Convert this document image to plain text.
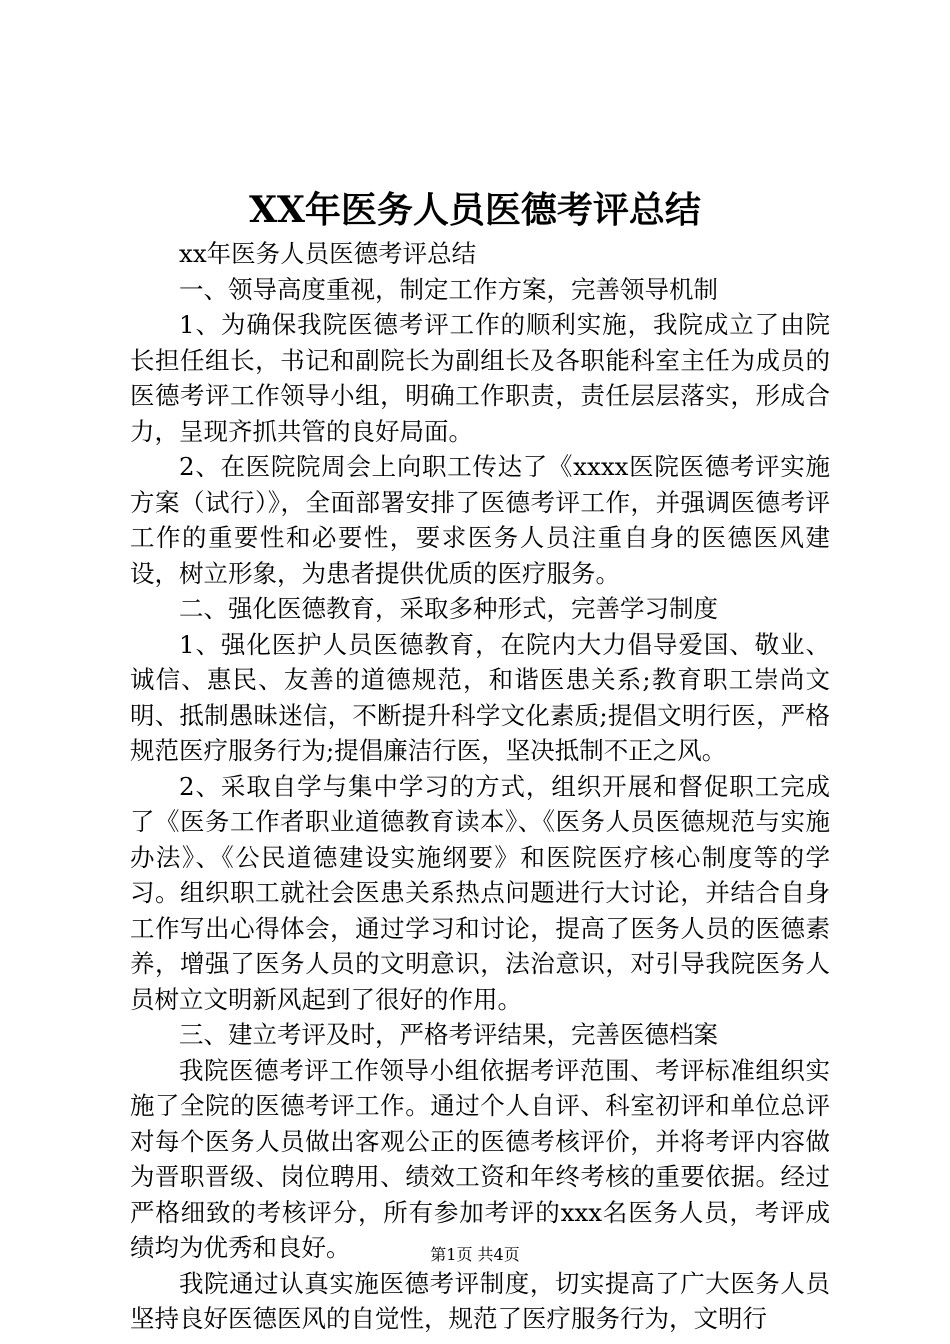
XX年医务人员医德考评总结

xx年医务人员医德考评总结

一、领导高度重视，制定工作方案，完善领导机制

1、为确保我院医德考评工作的顺利实施，我院成立了由院长担任组长，书记和副院长为副组长及各职能科室主任为成员的医德考评工作领导小组，明确工作职责，责任层层落实，形成合力，呈现齐抓共管的良好局面。

2、在医院院周会上向职工传达了《xxxx医院医德考评实施方案（试行）》，全面部署安排了医德考评工作，并强调医德考评工作的重要性和必要性，要求医务人员注重自身的医德医风建设，树立形象，为患者提供优质的医疗服务。

二、强化医德教育，采取多种形式，完善学习制度

1、强化医护人员医德教育，在院内大力倡导爱国、敬业、诚信、惠民、友善的道德规范，和谐医患关系;教育职工崇尚文明、抵制愚昧迷信，不断提升科学文化素质;提倡文明行医，严格规范医疗服务行为;提倡廉洁行医，坚决抵制不正之风。

2、采取自学与集中学习的方式，组织开展和督促职工完成了《医务工作者职业道德教育读本》、《医务人员医德规范与实施办法》、《公民道德建设实施纲要》和医院医疗核心制度等的学习。组织职工就社会医患关系热点问题进行大讨论，并结合自身工作写出心得体会，通过学习和讨论，提高了医务人员的医德素养，增强了医务人员的文明意识，法治意识，对引导我院医务人员树立文明新风起到了很好的作用。

三、建立考评及时，严格考评结果，完善医德档案

我院医德考评工作领导小组依据考评范围、考评标准组织实施了全院的医德考评工作。通过个人自评、科室初评和单位总评对每个医务人员做出客观公正的医德考核评价，并将考评内容做为晋职晋级、岗位聘用、绩效工资和年终考核的重要依据。经过严格细致的考核评分，所有参加考评的xxx名医务人员，考评成绩均为优秀和良好。

我院通过认真实施医德考评制度，切实提高了广大医务人员坚持良好医德医风的自觉性，规范了医疗服务行为，文明行

第1页 共4页
